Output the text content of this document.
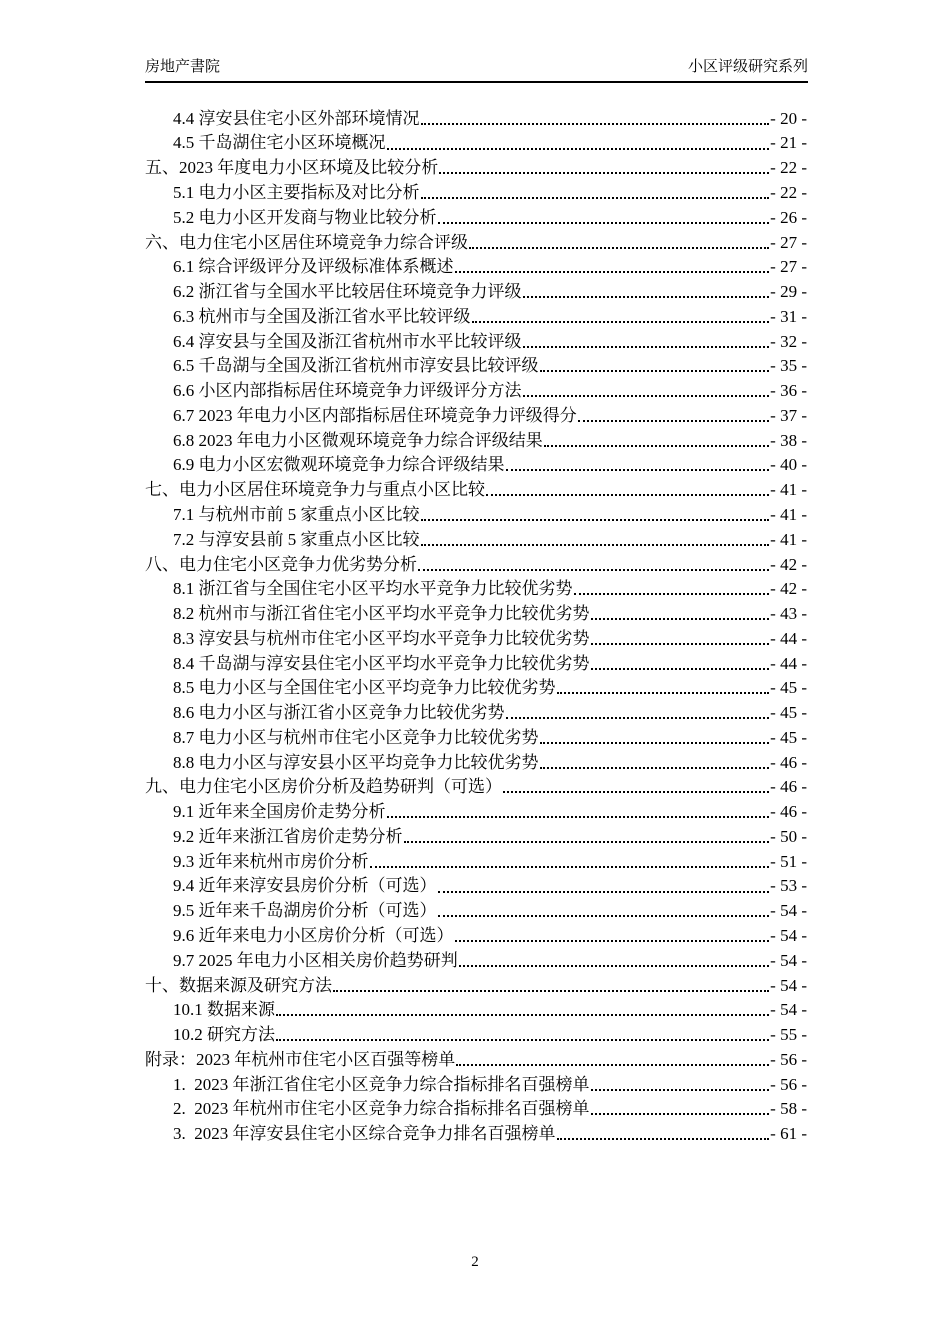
房地产書院	小区评级研究系列
4.4 淳安县住宅小区外部环境情况	- 20 -
4.5 千岛湖住宅小区环境概况	- 21 -
五、2023 年度电力小区环境及比较分析	- 22 -
5.1 电力小区主要指标及对比分析	- 22 -
5.2 电力小区开发商与物业比较分析	- 26 -
六、电力住宅小区居住环境竞争力综合评级	- 27 -
6.1 综合评级评分及评级标准体系概述	- 27 -
6.2 浙江省与全国水平比较居住环境竞争力评级	- 29 -
6.3 杭州市与全国及浙江省水平比较评级	- 31 -
6.4 淳安县与全国及浙江省杭州市水平比较评级	- 32 -
6.5 千岛湖与全国及浙江省杭州市淳安县比较评级	- 35 -
6.6 小区内部指标居住环境竞争力评级评分方法	- 36 -
6.7 2023 年电力小区内部指标居住环境竞争力评级得分	- 37 -
6.8 2023 年电力小区微观环境竞争力综合评级结果	- 38 -
6.9 电力小区宏微观环境竞争力综合评级结果	- 40 -
七、电力小区居住环境竞争力与重点小区比较	- 41 -
7.1 与杭州市前 5 家重点小区比较	- 41 -
7.2 与淳安县前 5 家重点小区比较	- 41 -
八、电力住宅小区竞争力优劣势分析	- 42 -
8.1 浙江省与全国住宅小区平均水平竞争力比较优劣势	- 42 -
8.2 杭州市与浙江省住宅小区平均水平竞争力比较优劣势	- 43 -
8.3 淳安县与杭州市住宅小区平均水平竞争力比较优劣势	- 44 -
8.4 千岛湖与淳安县住宅小区平均水平竞争力比较优劣势	- 44 -
8.5 电力小区与全国住宅小区平均竞争力比较优劣势	- 45 -
8.6 电力小区与浙江省小区竞争力比较优劣势	- 45 -
8.7 电力小区与杭州市住宅小区竞争力比较优劣势	- 45 -
8.8 电力小区与淳安县小区平均竞争力比较优劣势	- 46 -
九、电力住宅小区房价分析及趋势研判（可选）	- 46 -
9.1 近年来全国房价走势分析	- 46 -
9.2 近年来浙江省房价走势分析	- 50 -
9.3 近年来杭州市房价分析	- 51 -
9.4 近年来淳安县房价分析（可选）	- 53 -
9.5 近年来千岛湖房价分析（可选）	- 54 -
9.6 近年来电力小区房价分析（可选）	- 54 -
9.7 2025 年电力小区相关房价趋势研判	- 54 -
十、数据来源及研究方法	- 54 -
10.1 数据来源	- 54 -
10.2 研究方法	- 55 -
附录：2023 年杭州市住宅小区百强等榜单	- 56 -
1.  2023 年浙江省住宅小区竞争力综合指标排名百强榜单	- 56 -
2.  2023 年杭州市住宅小区竞争力综合指标排名百强榜单	- 58 -
3.  2023 年淳安县住宅小区综合竞争力排名百强榜单	- 61 -
2
